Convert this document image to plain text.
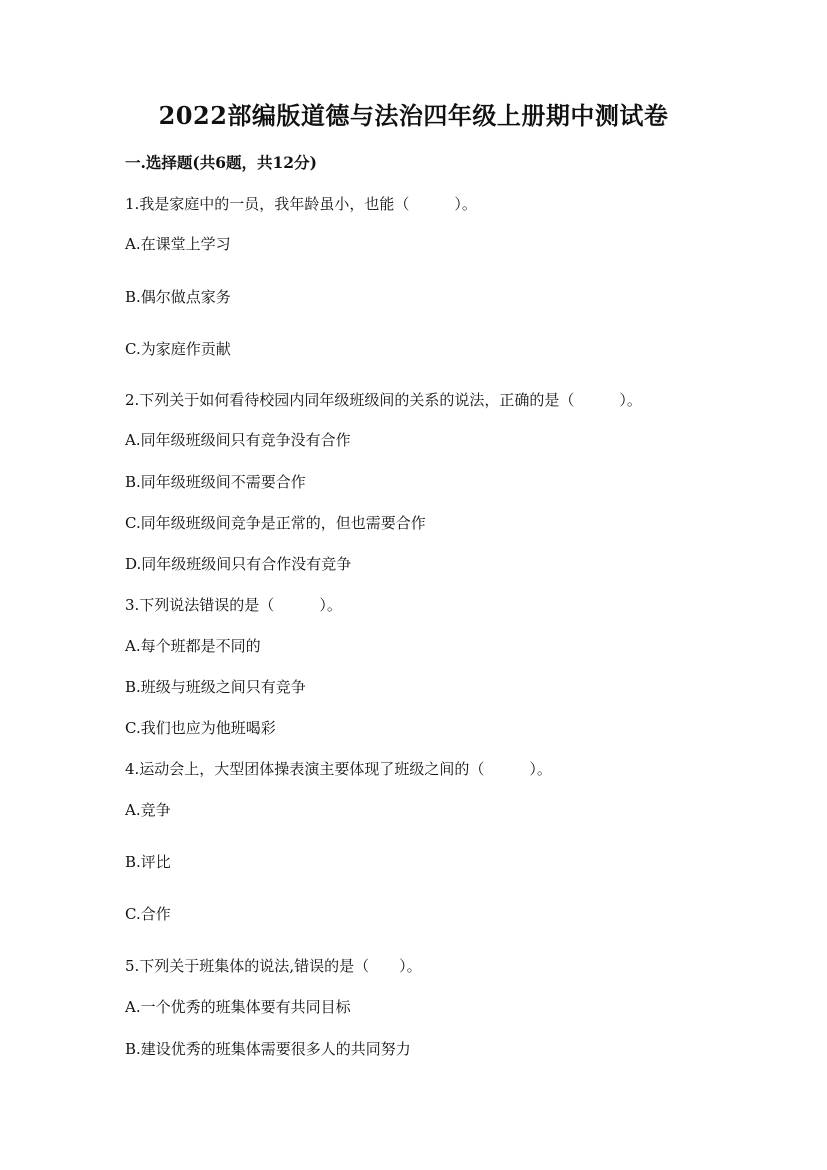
2022部编版道德与法治四年级上册期中测试卷
一.选择题(共6题，共12分)
1.我是家庭中的一员，我年龄虽小，也能（　　　）。
A.在课堂上学习
B.偶尔做点家务
C.为家庭作贡献
2.下列关于如何看待校园内同年级班级间的关系的说法，正确的是（　　　）。
A.同年级班级间只有竞争没有合作
B.同年级班级间不需要合作
C.同年级班级间竞争是正常的，但也需要合作
D.同年级班级间只有合作没有竞争
3.下列说法错误的是（　　　）。
A.每个班都是不同的
B.班级与班级之间只有竞争
C.我们也应为他班喝彩
4.运动会上，大型团体操表演主要体现了班级之间的（　　　）。
A.竞争
B.评比
C.合作
5.下列关于班集体的说法,错误的是（　　）。
A.一个优秀的班集体要有共同目标
B.建设优秀的班集体需要很多人的共同努力
